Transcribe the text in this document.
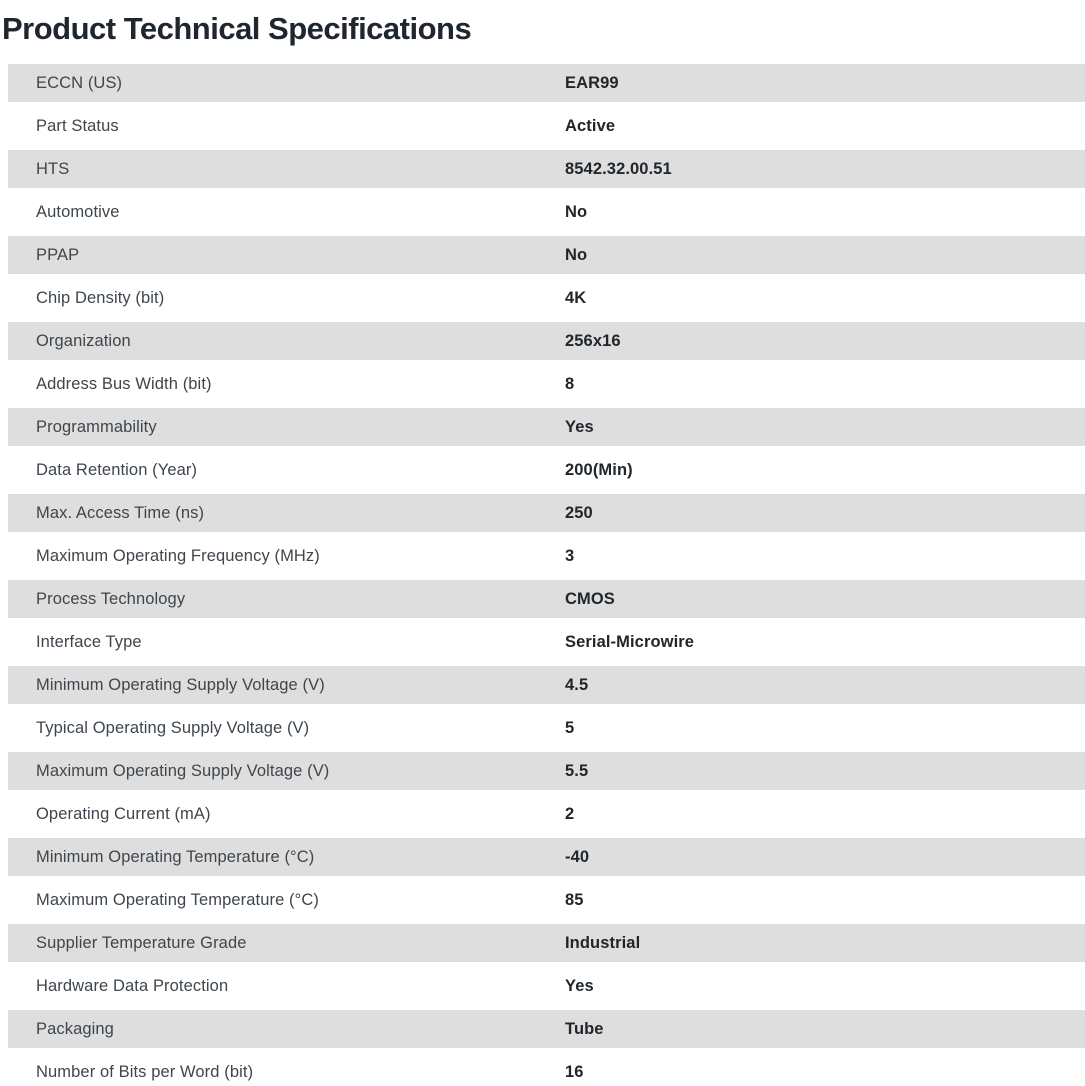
Product Technical Specifications
ECCN (US)	EAR99
Part Status	Active
HTS	8542.32.00.51
Automotive	No
PPAP	No
Chip Density (bit)	4K
Organization	256x16
Address Bus Width (bit)	8
Programmability	Yes
Data Retention (Year)	200(Min)
Max. Access Time (ns)	250
Maximum Operating Frequency (MHz)	3
Process Technology	CMOS
Interface Type	Serial-Microwire
Minimum Operating Supply Voltage (V)	4.5
Typical Operating Supply Voltage (V)	5
Maximum Operating Supply Voltage (V)	5.5
Operating Current (mA)	2
Minimum Operating Temperature (°C)	-40
Maximum Operating Temperature (°C)	85
Supplier Temperature Grade	Industrial
Hardware Data Protection	Yes
Packaging	Tube
Number of Bits per Word (bit)	16
